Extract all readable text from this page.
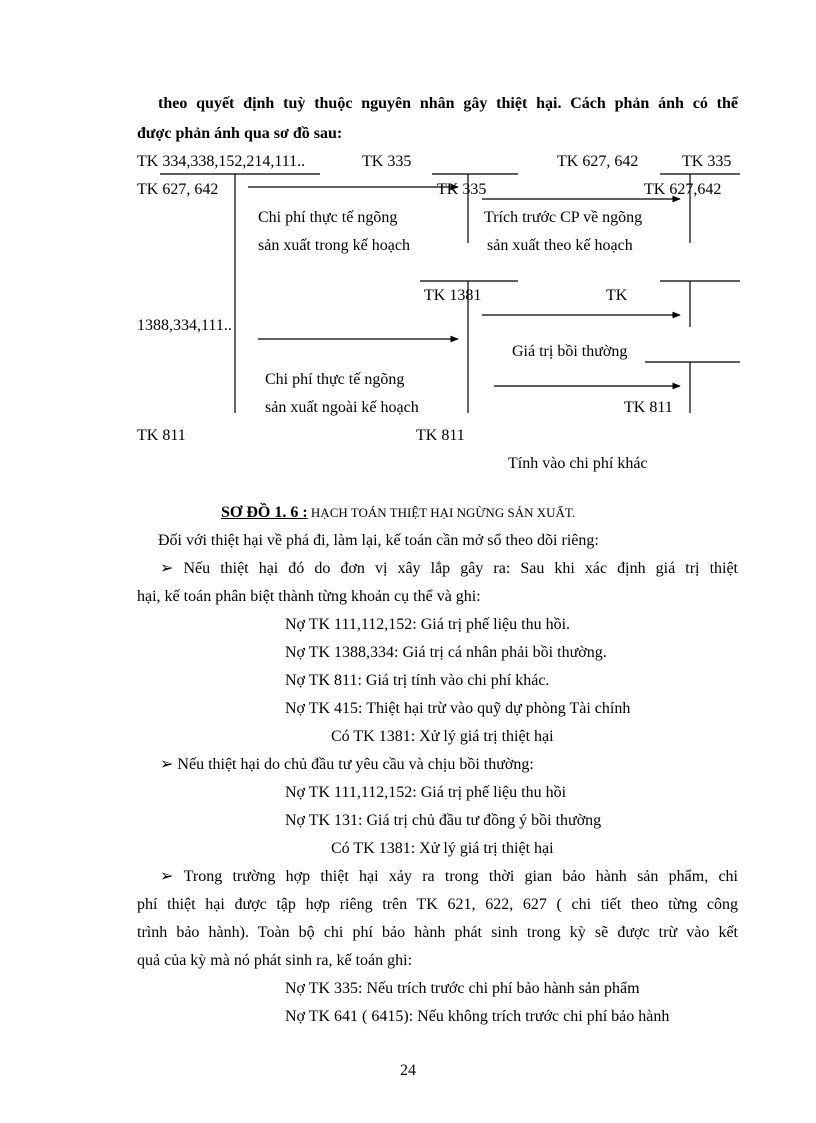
theo quyết định tuỳ thuộc nguyên nhân gây thiệt hại. Cách phản ánh có thể
được phản ánh qua sơ đồ sau:
TK 334,338,152,214,111..	TK 335	TK 627, 642	TK 335
TK 627, 642	TK 335	TK 627,642
Chi phí thực tế ngõng
sản xuất trong kế hoạch
Trích trước CP về ngõng
sản xuất theo kế hoạch
TK 1381	TK
1388,334,111..
Giá trị bồi thường
Chi phí thực tế ngõng
sản xuất ngoài kế hoạch	TK 811
TK 811	TK 811
Tính vào chi phí khác
SƠ ĐỒ 1. 6 : HẠCH TOÁN THIỆT HẠI NGỪNG SẢN XUẤT.
Đối với thiệt hại về phá đi, làm lại, kế toán cần mở sổ theo dõi riêng:
➢ Nếu thiệt hại đó do đơn vị xây lắp gây ra: Sau khi xác định giá trị thiệt
hại, kế toán phân biệt thành từng khoản cụ thể và ghi:
Nợ TK 111,112,152: Giá trị phế liệu thu hồi.
Nợ TK 1388,334: Giá trị cá nhân phải bồi thường.
Nợ TK 811: Giá trị tính vào chi phí khác.
Nợ TK 415: Thiệt hại trừ vào quỹ dự phòng Tài chính
Có TK 1381: Xử lý giá trị thiệt hại
➢ Nếu thiệt hại do chủ đầu tư yêu cầu và chịu bồi thường:
Nợ TK 111,112,152: Giá trị phế liệu thu hồi
Nợ TK 131: Giá trị chủ đầu tư đồng ý bồi thường
Có TK 1381: Xử lý giá trị thiệt hại
➢ Trong trường hợp thiệt hại xảy ra trong thời gian bảo hành sản phẩm, chi
phí thiệt hại được tập hợp riêng trên TK 621, 622, 627 ( chi tiết theo từng công
trình bảo hành). Toàn bộ chi phí bảo hành phát sinh trong kỳ sẽ được trừ vào kết
quả của kỳ mà nó phát sinh ra, kế toán ghi:
Nợ TK 335: Nếu trích trước chi phí bảo hành sản phẩm
Nợ TK 641 ( 6415): Nếu không trích trước chi phí bảo hành
24
